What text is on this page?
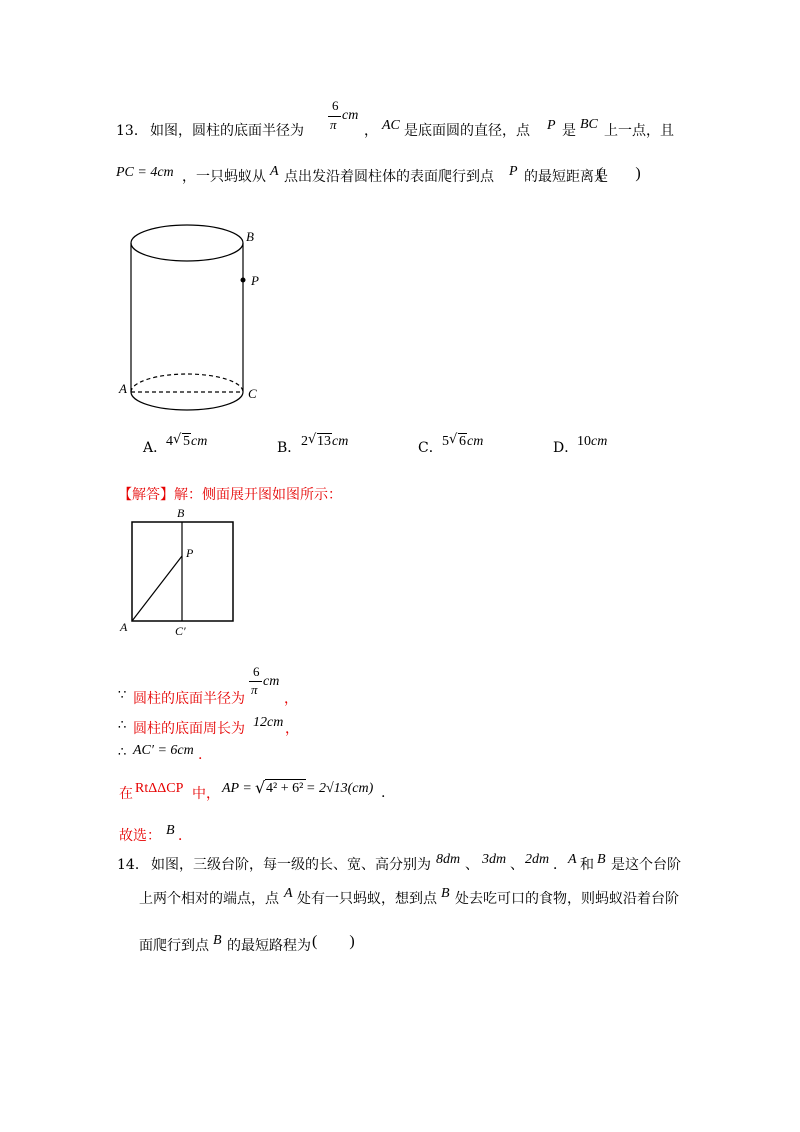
13． 如图，圆柱的底面半径为
6
π
cm
， AC 是底面圆的直径，点 P 是 BC 上一点，且
PC = 4cm ，一只蚂蚁从 A 点出发沿着圆柱体的表面爬行到点 P 的最短距离是
(　　)
B
P
A	C
A．
4 √ 5 cm	B． 2 √ 13 cm	C． 5 √ 6 cm	D．
10 cm
【解答】解：侧面展开图如图所示：
B
P
A	C′
∵ 圆柱的底面半径为
6
π
cm
，
∴ 圆柱的底面周长为 12cm ，
∴ AC′ = 6cm .
在 RtΔΔCP 中， AP = √ 4² + 6² = 2√13(cm) .
故选： B ．
14． 如图，三级台阶，每一级的长、宽、高分别为 8dm 、 3dm 、 2dm ． A 和 B 是这个台阶
上两个相对的端点，点 A 处有一只蚂蚁，想到点 B 处去吃可口的食物，则蚂蚁沿着台阶
面爬行到点 B 的最短路程为 (　　)
